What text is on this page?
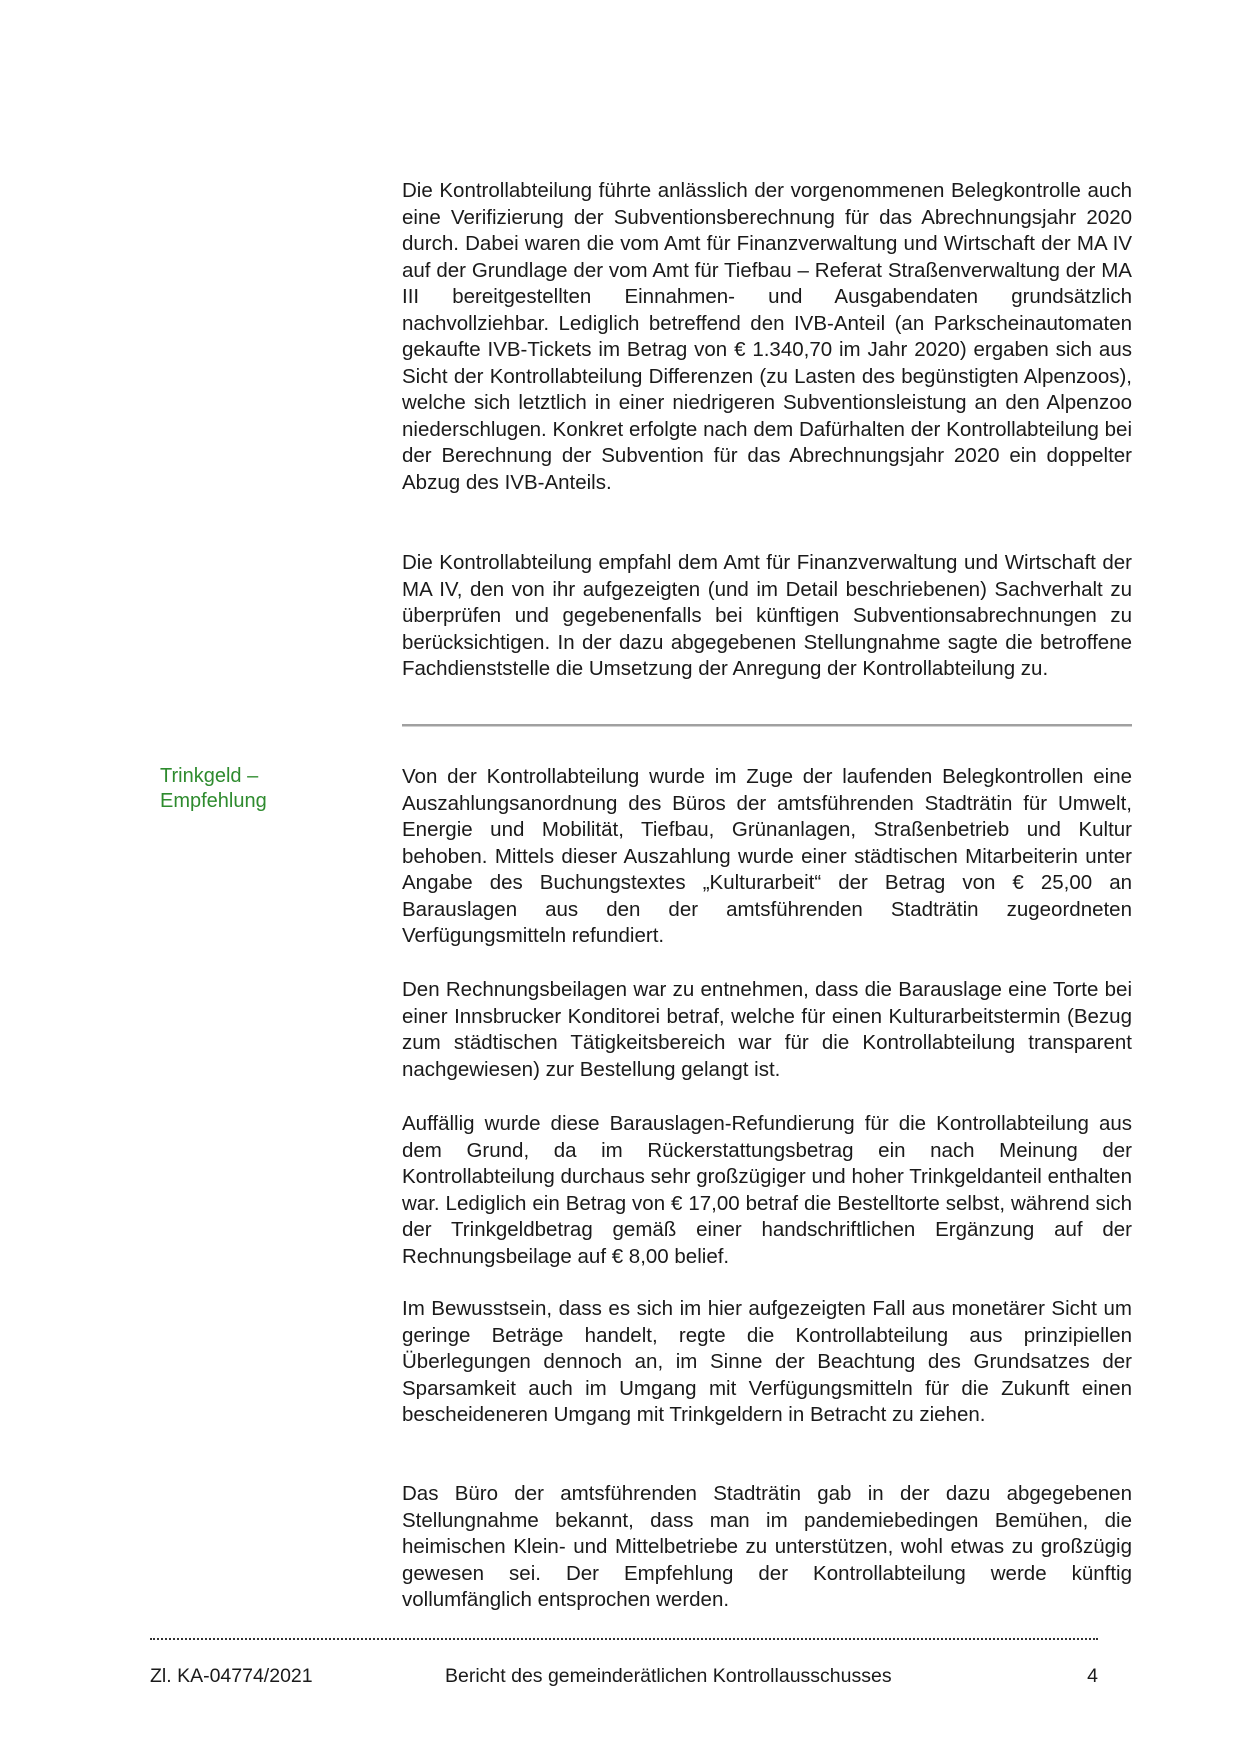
Die Kontrollabteilung führte anlässlich der vorgenommenen Belegkontrolle auch eine Verifizierung der Subventionsberechnung für das Abrechnungsjahr 2020 durch. Dabei waren die vom Amt für Finanzverwaltung und Wirtschaft der MA IV auf der Grundlage der vom Amt für Tiefbau – Referat Straßenverwaltung der MA III bereitgestellten Einnahmen- und Ausgabendaten grundsätzlich nachvollziehbar. Lediglich betreffend den IVB-Anteil (an Parkscheinautomaten gekaufte IVB-Tickets im Betrag von € 1.340,70 im Jahr 2020) ergaben sich aus Sicht der Kontrollabteilung Differenzen (zu Lasten des begünstigten Alpenzoos), welche sich letztlich in einer niedrigeren Subventionsleistung an den Alpenzoo niederschlugen. Konkret erfolgte nach dem Dafürhalten der Kontrollabteilung bei der Berechnung der Subvention für das Abrechnungsjahr 2020 ein doppelter Abzug des IVB-Anteils.

Die Kontrollabteilung empfahl dem Amt für Finanzverwaltung und Wirtschaft der MA IV, den von ihr aufgezeigten (und im Detail beschriebenen) Sachverhalt zu überprüfen und gegebenenfalls bei künftigen Subventionsabrechnungen zu berücksichtigen. In der dazu abgegebenen Stellungnahme sagte die betroffene Fachdienststelle die Umsetzung der Anregung der Kontrollabteilung zu.

Trinkgeld – Empfehlung

Von der Kontrollabteilung wurde im Zuge der laufenden Belegkontrollen eine Auszahlungsanordnung des Büros der amtsführenden Stadträtin für Umwelt, Energie und Mobilität, Tiefbau, Grünanlagen, Straßenbetrieb und Kultur behoben. Mittels dieser Auszahlung wurde einer städtischen Mitarbeiterin unter Angabe des Buchungstextes „Kulturarbeit“ der Betrag von € 25,00 an Barauslagen aus den der amtsführenden Stadträtin zugeordneten Verfügungsmitteln refundiert.

Den Rechnungsbeilagen war zu entnehmen, dass die Barauslage eine Torte bei einer Innsbrucker Konditorei betraf, welche für einen Kulturarbeitstermin (Bezug zum städtischen Tätigkeitsbereich war für die Kontrollabteilung transparent nachgewiesen) zur Bestellung gelangt ist.

Auffällig wurde diese Barauslagen-Refundierung für die Kontrollabteilung aus dem Grund, da im Rückerstattungsbetrag ein nach Meinung der Kontrollabteilung durchaus sehr großzügiger und hoher Trinkgeldanteil enthalten war. Lediglich ein Betrag von € 17,00 betraf die Bestelltorte selbst, während sich der Trinkgeldbetrag gemäß einer handschriftlichen Ergänzung auf der Rechnungsbeilage auf € 8,00 belief.

Im Bewusstsein, dass es sich im hier aufgezeigten Fall aus monetärer Sicht um geringe Beträge handelt, regte die Kontrollabteilung aus prinzipiellen Überlegungen dennoch an, im Sinne der Beachtung des Grundsatzes der Sparsamkeit auch im Umgang mit Verfügungsmitteln für die Zukunft einen bescheideneren Umgang mit Trinkgeldern in Betracht zu ziehen.

Das Büro der amtsführenden Stadträtin gab in der dazu abgegebenen Stellungnahme bekannt, dass man im pandemiebedingen Bemühen, die heimischen Klein- und Mittelbetriebe zu unterstützen, wohl etwas zu großzügig gewesen sei. Der Empfehlung der Kontrollabteilung werde künftig vollumfänglich entsprochen werden.

Zl. KA-04774/2021	Bericht des gemeinderätlichen Kontrollausschusses	4
